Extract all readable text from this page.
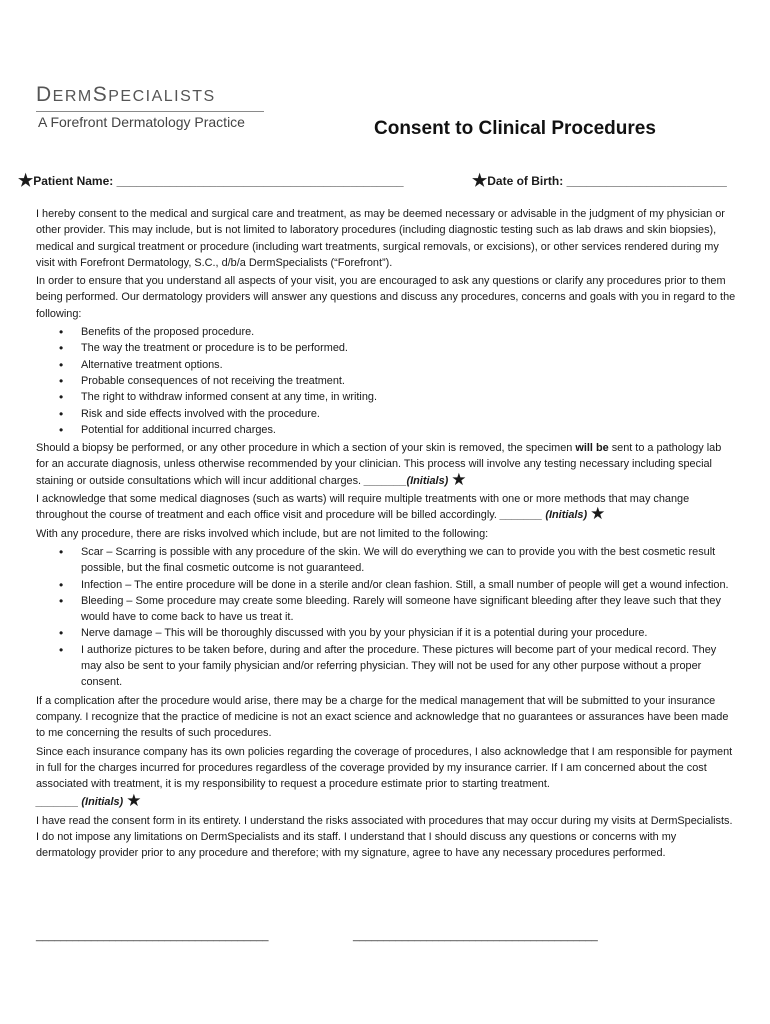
DERMSPECIALISTS
A Forefront Dermatology Practice	Consent to Clinical Procedures
★Patient Name: ___________________________________________	★Date of Birth: ________________________

I hereby consent to the medical and surgical care and treatment, as may be deemed necessary or advisable in the judgment of my physician or other provider. This may include, but is not limited to laboratory procedures (including diagnostic testing such as lab draws and skin biopsies), medical and surgical treatment or procedure (including wart treatments, surgical removals, or excisions), or other services rendered during my visit with Forefront Dermatology, S.C., d/b/a DermSpecialists (“Forefront”).

In order to ensure that you understand all aspects of your visit, you are encouraged to ask any questions or clarify any procedures prior to them being performed. Our dermatology providers will answer any questions and discuss any procedures, concerns and goals with you in regard to the following:

• Benefits of the proposed procedure.
• The way the treatment or procedure is to be performed.
• Alternative treatment options.
• Probable consequences of not receiving the treatment.
• The right to withdraw informed consent at any time, in writing.
• Risk and side effects involved with the procedure.
• Potential for additional incurred charges.

Should a biopsy be performed, or any other procedure in which a section of your skin is removed, the specimen will be sent to a pathology lab for an accurate diagnosis, unless otherwise recommended by your clinician. This process will involve any testing necessary including special staining or outside consultations which will incur additional charges. _______(Initials) ★

I acknowledge that some medical diagnoses (such as warts) will require multiple treatments with one or more methods that may change throughout the course of treatment and each office visit and procedure will be billed accordingly. _______ (Initials) ★

With any procedure, there are risks involved which include, but are not limited to the following:

• Scar – Scarring is possible with any procedure of the skin. We will do everything we can to provide you with the best cosmetic result possible, but the final cosmetic outcome is not guaranteed.
• Infection – The entire procedure will be done in a sterile and/or clean fashion. Still, a small number of people will get a wound infection.
• Bleeding – Some procedure may create some bleeding. Rarely will someone have significant bleeding after they leave such that they would have to come back to have us treat it.
• Nerve damage – This will be thoroughly discussed with you by your physician if it is a potential during your procedure.
• I authorize pictures to be taken before, during and after the procedure. These pictures will become part of your medical record. They may also be sent to your family physician and/or referring physician. They will not be used for any other purpose without a proper consent.

If a complication after the procedure would arise, there may be a charge for the medical management that will be submitted to your insurance company. I recognize that the practice of medicine is not an exact science and acknowledge that no guarantees or assurances have been made to me concerning the results of such procedures.

Since each insurance company has its own policies regarding the coverage of procedures, I also acknowledge that I am responsible for payment in full for the charges incurred for procedures regardless of the coverage provided by my insurance carrier. If I am concerned about the cost associated with treatment, it is my responsibility to request a procedure estimate prior to starting treatment.

_______ (Initials) ★

I have read the consent form in its entirety. I understand the risks associated with procedures that may occur during my visits at DermSpecialists. I do not impose any limitations on DermSpecialists and its staff. I understand that I should discuss any questions or concerns with my dermatology provider prior to any procedure and therefore; with my signature, agree to have any necessary procedures performed.

______________________________________	________________________________________
